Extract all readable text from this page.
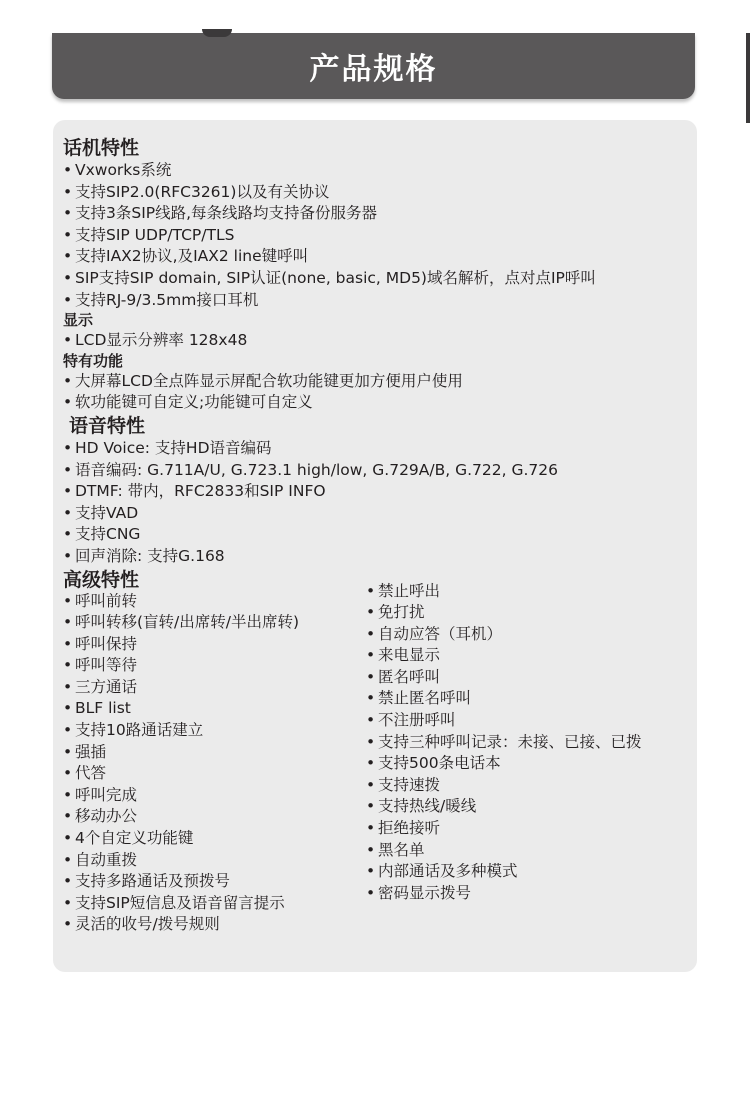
产品规格
话机特性
• Vxworks系统
• 支持SIP2.0(RFC3261)以及有关协议
• 支持3条SIP线路,每条线路均支持备份服务器
• 支持SIP UDP/TCP/TLS
• 支持IAX2协议,及IAX2 line键呼叫
• SIP支持SIP domain, SIP认证(none, basic, MD5)域名解析，点对点IP呼叫
• 支持RJ-9/3.5mm接口耳机
显示
• LCD显示分辨率 128x48
特有功能
• 大屏幕LCD全点阵显示屏配合软功能键更加方便用户使用
• 软功能键可自定义;功能键可自定义
语音特性
• HD Voice: 支持HD语音编码
• 语音编码: G.711A/U, G.723.1 high/low, G.729A/B, G.722, G.726
• DTMF: 带内，RFC2833和SIP INFO
• 支持VAD
• 支持CNG
• 回声消除: 支持G.168
高级特性
• 呼叫前转
• 呼叫转移(盲转/出席转/半出席转)
• 呼叫保持
• 呼叫等待
• 三方通话
• BLF list
• 支持10路通话建立
• 强插
• 代答
• 呼叫完成
• 移动办公
• 4个自定义功能键
• 自动重拨
• 支持多路通话及预拨号
• 支持SIP短信息及语音留言提示
• 灵活的收号/拨号规则
• 禁止呼出
• 免打扰
• 自动应答（耳机）
• 来电显示
• 匿名呼叫
• 禁止匿名呼叫
• 不注册呼叫
• 支持三种呼叫记录：未接、已接、已拨
• 支持500条电话本
• 支持速拨
• 支持热线/暖线
• 拒绝接听
• 黑名单
• 内部通话及多种模式
• 密码显示拨号
